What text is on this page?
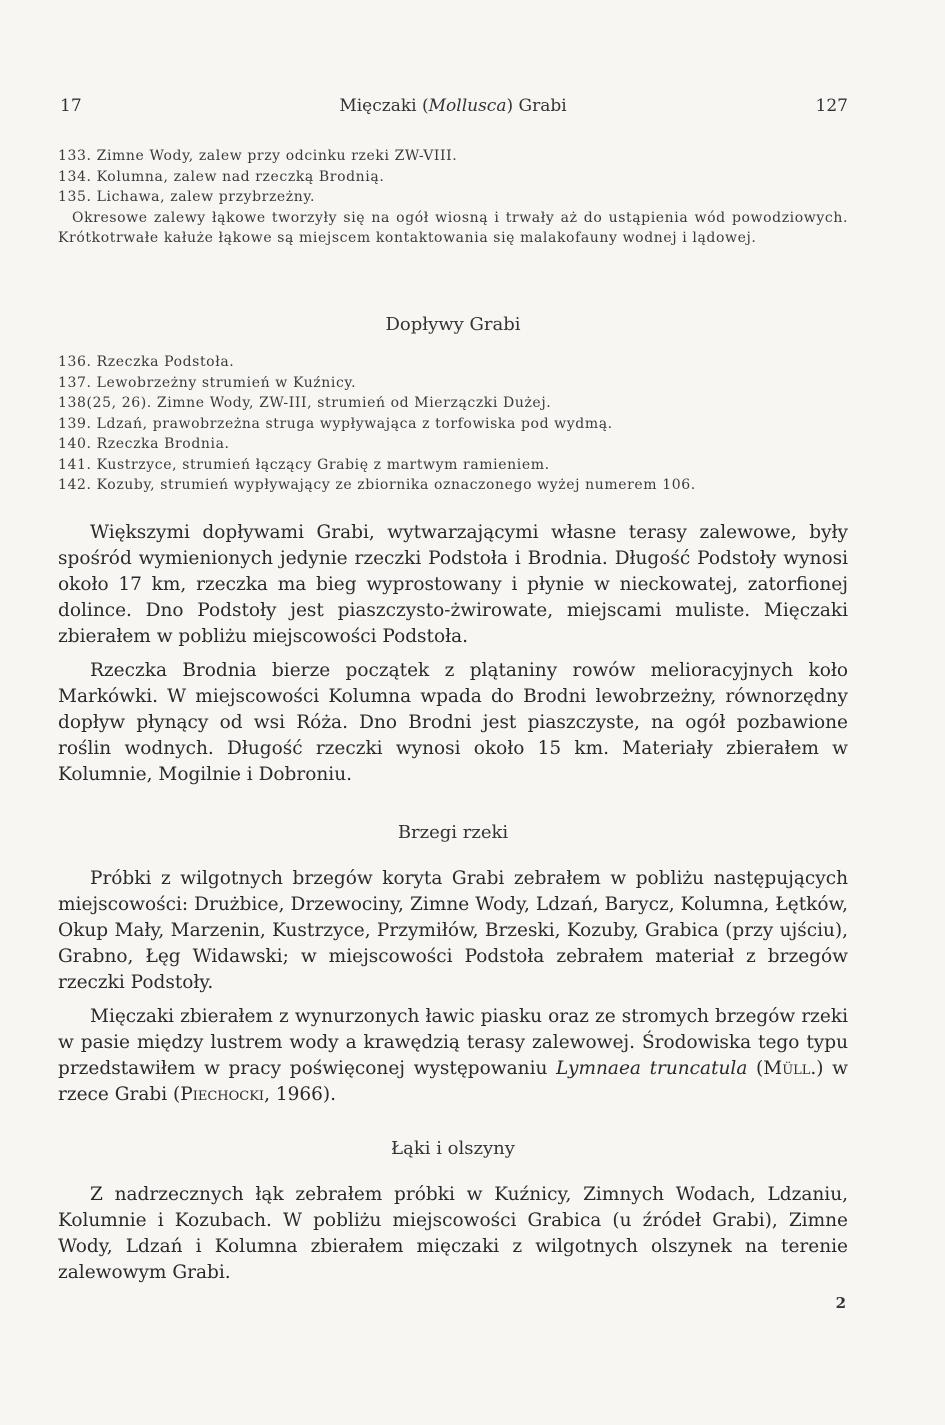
17	Mięczaki (Mollusca) Grabi	127
133. Zimne Wody, zalew przy odcinku rzeki ZW-VIII.
134. Kolumna, zalew nad rzeczką Brodnią.
135. Lichawa, zalew przybrzeżny.
Okresowe zalewy łąkowe tworzyły się na ogół wiosną i trwały aż do ustąpienia wód powodziowych. Krótkotrwałe kałuże łąkowe są miejscem kontaktowania się malakofauny wodnej i lądowej.
Dopływy Grabi
136. Rzeczka Podstoła.
137. Lewobrzeżny strumień w Kuźnicy.
138(25, 26). Zimne Wody, ZW-III, strumień od Mierzączki Dużej.
139. Ldzań, prawobrzeżna struga wypływająca z torfowiska pod wydmą.
140. Rzeczka Brodnia.
141. Kustrzyce, strumień łączący Grabię z martwym ramieniem.
142. Kozuby, strumień wypływający ze zbiornika oznaczonego wyżej numerem 106.

Większymi dopływami Grabi, wytwarzającymi własne terasy zalewowe, były spośród wymienionych jedynie rzeczki Podstoła i Brodnia. Długość Podstoły wynosi około 17 km, rzeczka ma bieg wyprostowany i płynie w nieckowatej, zatorfionej dolince. Dno Podstoły jest piaszczysto-żwirowate, miejscami muliste. Mięczaki zbierałem w pobliżu miejscowości Podstoła.

Rzeczka Brodnia bierze początek z plątaniny rowów melioracyjnych koło Markówki. W miejscowości Kolumna wpada do Brodni lewobrzeżny, równorzędny dopływ płynący od wsi Róża. Dno Brodni jest piaszczyste, na ogół pozbawione roślin wodnych. Długość rzeczki wynosi około 15 km. Materiały zbierałem w Kolumnie, Mogilnie i Dobroniu.

Brzegi rzeki

Próbki z wilgotnych brzegów koryta Grabi zebrałem w pobliżu następujących miejscowości: Drużbice, Drzewociny, Zimne Wody, Ldzań, Barycz, Kolumna, Łętków, Okup Mały, Marzenin, Kustrzyce, Przymiłów, Brzeski, Kozuby, Grabica (przy ujściu), Grabno, Łęg Widawski; w miejscowości Podstoła zebrałem materiał z brzegów rzeczki Podstoły.

Mięczaki zbierałem z wynurzonych ławic piasku oraz ze stromych brzegów rzeki w pasie między lustrem wody a krawędzią terasy zalewowej. Środowiska tego typu przedstawiłem w pracy poświęconej występowaniu Lymnaea truncatula (Müll.) w rzece Grabi (Piechocki, 1966).

Łąki i olszyny

Z nadrzecznych łąk zebrałem próbki w Kuźnicy, Zimnych Wodach, Ldzaniu, Kolumnie i Kozubach. W pobliżu miejscowości Grabica (u źródeł Grabi), Zimne Wody, Ldzań i Kolumna zbierałem mięczaki z wilgotnych olszynek na terenie zalewowym Grabi.

2
